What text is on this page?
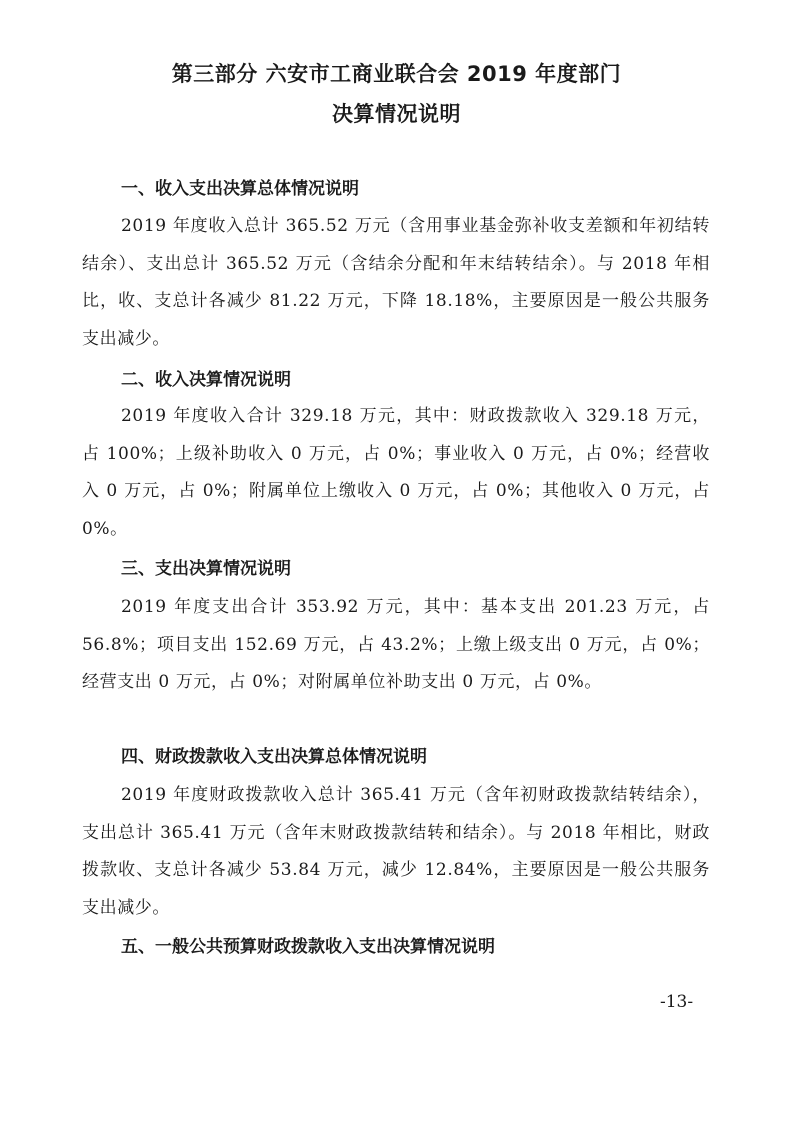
第三部分 六安市工商业联合会 2019 年度部门
决算情况说明
一、收入支出决算总体情况说明

2019 年度收入总计 365.52 万元（含用事业基金弥补收支差额和年初结转结余）、支出总计 365.52 万元（含结余分配和年末结转结余）。与 2018 年相比，收、支总计各减少 81.22 万元，下降 18.18%，主要原因是一般公共服务支出减少。

二、收入决算情况说明

2019 年度收入合计 329.18 万元，其中：财政拨款收入 329.18 万元，占 100%；上级补助收入 0 万元，占 0%；事业收入 0 万元，占 0%；经营收入 0 万元，占 0%；附属单位上缴收入 0 万元，占 0%；其他收入 0 万元，占 0%。

三、支出决算情况说明

2019 年度支出合计 353.92 万元，其中：基本支出 201.23 万元，占 56.8%；项目支出 152.69 万元，占 43.2%；上缴上级支出 0 万元，占 0%；经营支出 0 万元，占 0%；对附属单位补助支出 0 万元，占 0%。

四、财政拨款收入支出决算总体情况说明

2019 年度财政拨款收入总计 365.41 万元（含年初财政拨款结转结余），支出总计 365.41 万元（含年末财政拨款结转和结余）。与 2018 年相比，财政拨款收、支总计各减少 53.84 万元，减少 12.84%，主要原因是一般公共服务支出减少。

五、一般公共预算财政拨款收入支出决算情况说明
-13-
